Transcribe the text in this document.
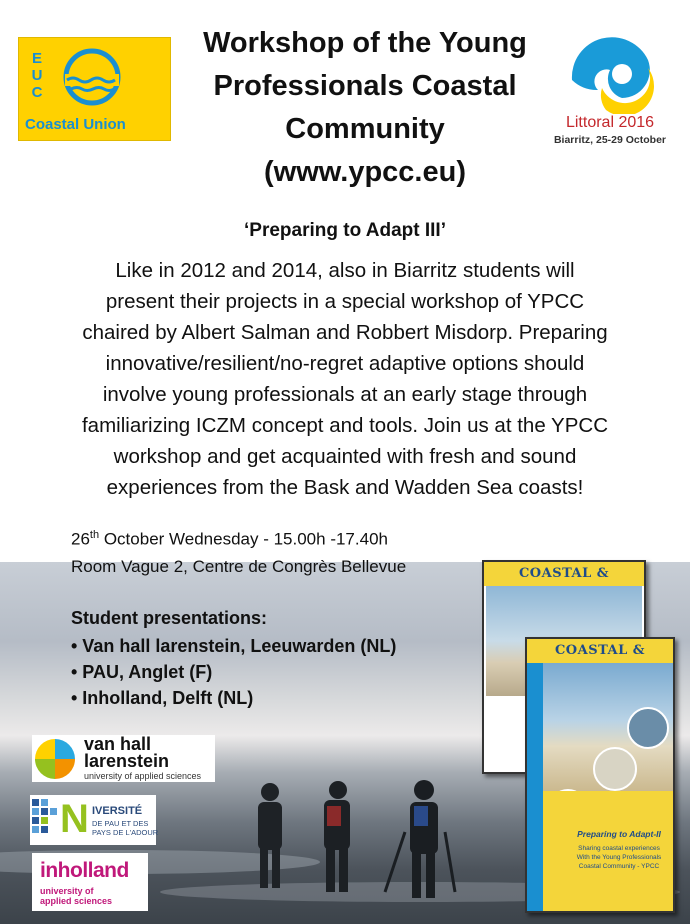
E
U
C
Coastal Union
Workshop of the Young
Professionals Coastal
Community
(www.ypcc.eu)
Littoral 2016
Biarritz, 25-29 October
‘Preparing to Adapt III’
Like in 2012 and 2014, also in Biarritz students will
present their projects in a special workshop of YPCC
chaired by Albert Salman and Robbert Misdorp. Preparing
innovative/resilient/no-regret adaptive options should
involve young professionals at an early stage through
familiarizing ICZM concept and tools. Join us at the YPCC
workshop and get acquainted with fresh and sound
experiences from the Bask and Wadden Sea coasts!
26th October Wednesday - 15.00h -17.40h
Room Vague 2, Centre de Congrès Bellevue
Student presentations:
• Van hall larenstein, Leeuwarden (NL)
• PAU, Anglet (F)
• Inholland, Delft (NL)
van hall
larenstein
university of applied sciences
N IVERSITÉ
DE PAU ET DES
PAYS DE L'ADOUR
inholland
university of
applied sciences
COASTAL &
COASTAL &
Preparing to Adapt-II
Sharing coastal experiences
With the Young Professionals
Coastal Community - YPCC
